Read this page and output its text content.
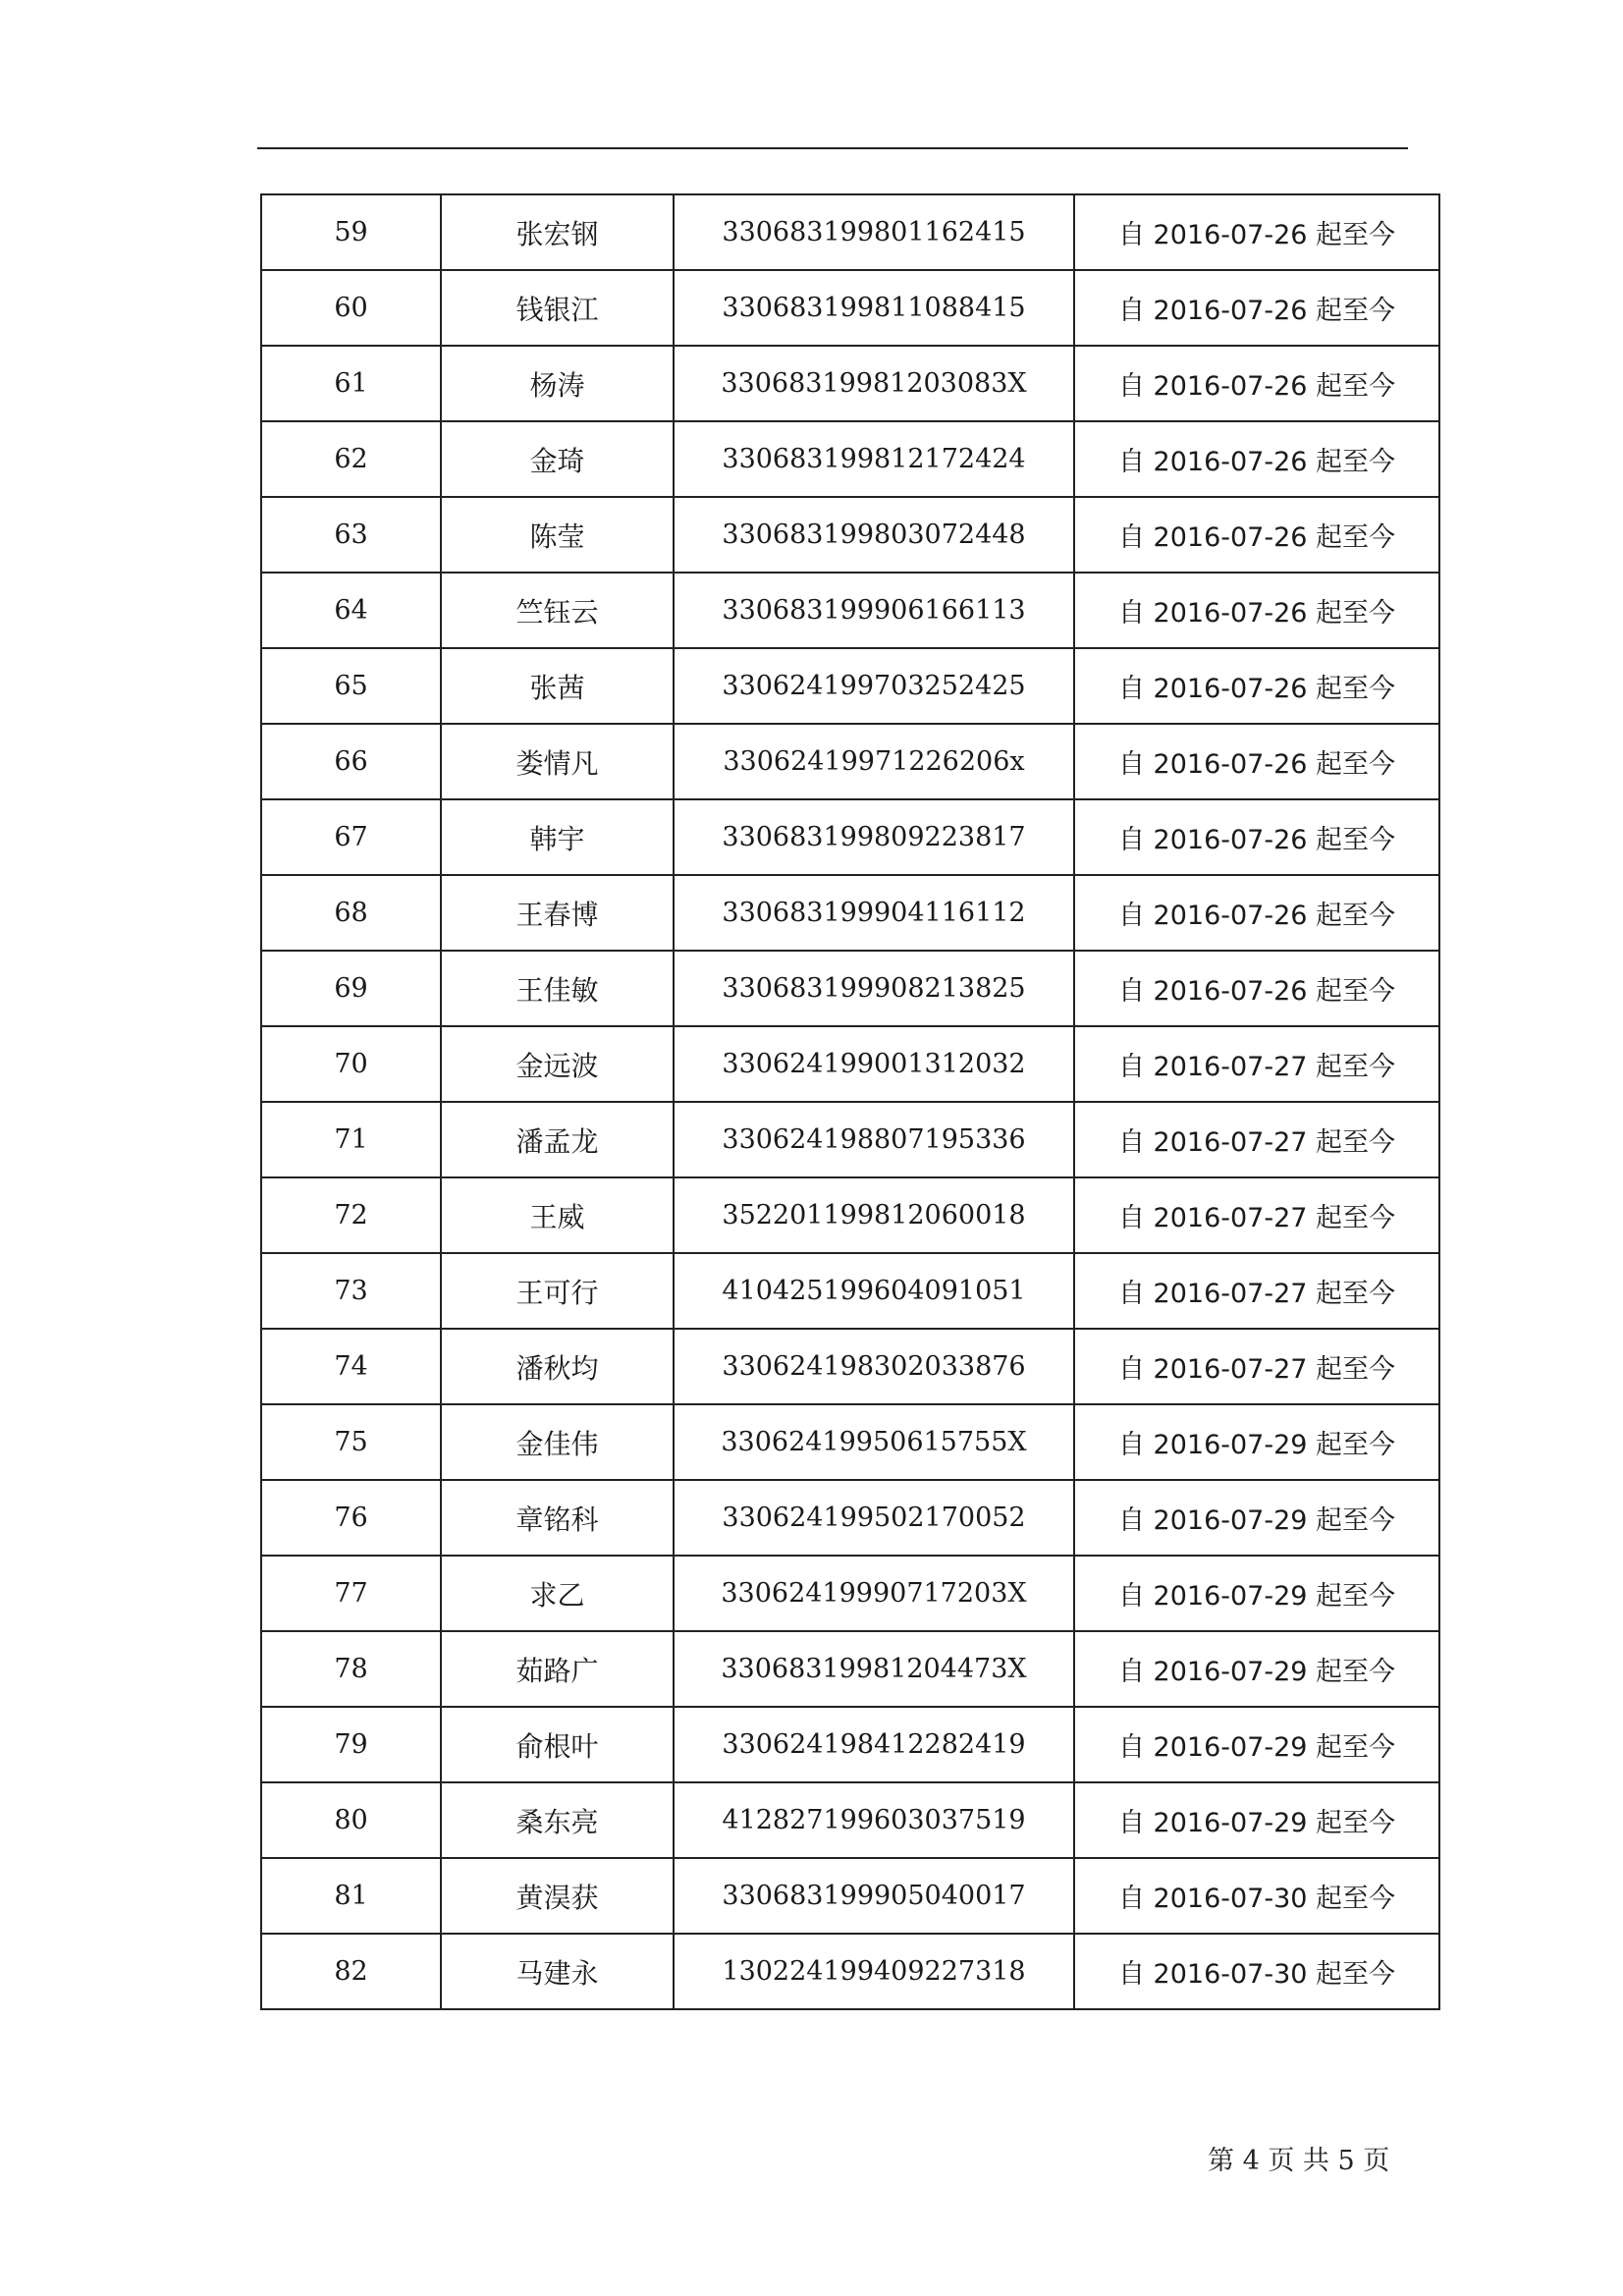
59	张宏钢	330683199801162415	自 2016-07-26 起至今
60	钱银江	330683199811088415	自 2016-07-26 起至今
61	杨涛	33068319981203083X	自 2016-07-26 起至今
62	金琦	330683199812172424	自 2016-07-26 起至今
63	陈莹	330683199803072448	自 2016-07-26 起至今
64	竺钰云	330683199906166113	自 2016-07-26 起至今
65	张茜	330624199703252425	自 2016-07-26 起至今
66	娄情凡	33062419971226206x	自 2016-07-26 起至今
67	韩宇	330683199809223817	自 2016-07-26 起至今
68	王春博	330683199904116112	自 2016-07-26 起至今
69	王佳敏	330683199908213825	自 2016-07-26 起至今
70	金远波	330624199001312032	自 2016-07-27 起至今
71	潘孟龙	330624198807195336	自 2016-07-27 起至今
72	王威	352201199812060018	自 2016-07-27 起至今
73	王可行	410425199604091051	自 2016-07-27 起至今
74	潘秋均	330624198302033876	自 2016-07-27 起至今
75	金佳伟	33062419950615755X	自 2016-07-29 起至今
76	章铭科	330624199502170052	自 2016-07-29 起至今
77	求乙	33062419990717203X	自 2016-07-29 起至今
78	茹路广	33068319981204473X	自 2016-07-29 起至今
79	俞根叶	330624198412282419	自 2016-07-29 起至今
80	桑东亮	412827199603037519	自 2016-07-29 起至今
81	黄淏获	330683199905040017	自 2016-07-30 起至今
82	马建永	130224199409227318	自 2016-07-30 起至今
第 4 页 共 5 页
